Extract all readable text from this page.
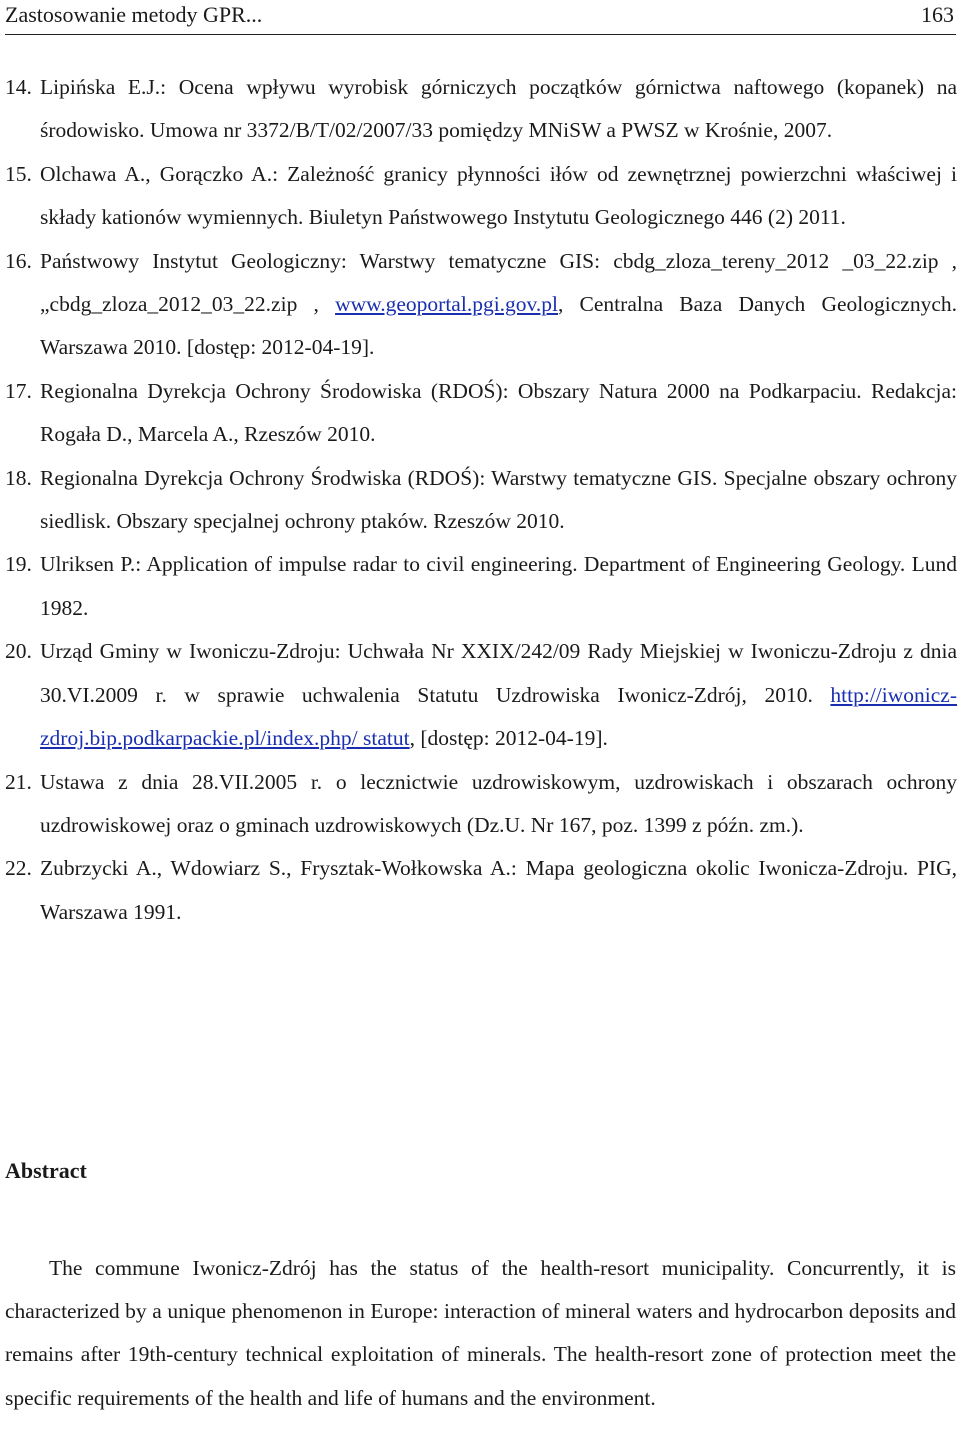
Zastosowanie metody GPR...	163

14. Lipińska E.J.: Ocena wpływu wyrobisk górniczych początków górnictwa naftowego (kopanek) na środowisko. Umowa nr 3372/B/T/02/2007/33 pomiędzy MNiSW a PWSZ w Krośnie, 2007.

15. Olchawa A., Gorączko A.: Zależność granicy płynności iłów od zewnętrznej powierzchni właściwej i składy kationów wymiennych. Biuletyn Państwowego Instytutu Geologicznego 446 (2) 2011.

16. Państwowy Instytut Geologiczny: Warstwy tematyczne GIS: cbdg_zloza_tereny_2012 _03_22.zip , „cbdg_zloza_2012_03_22.zip , www.geoportal.pgi.gov.pl, Centralna Baza Danych Geologicznych. Warszawa 2010. [dostęp: 2012-04-19].

17. Regionalna Dyrekcja Ochrony Środowiska (RDOŚ): Obszary Natura 2000 na Podkarpaciu. Redakcja: Rogała D., Marcela A., Rzeszów 2010.

18. Regionalna Dyrekcja Ochrony Środwiska (RDOŚ): Warstwy tematyczne GIS. Specjalne obszary ochrony siedlisk. Obszary specjalnej ochrony ptaków. Rzeszów 2010.

19. Ulriksen P.: Application of impulse radar to civil engineering. Department of Engineering Geology. Lund 1982.

20. Urząd Gminy w Iwoniczu-Zdroju: Uchwała Nr XXIX/242/09 Rady Miejskiej w Iwoniczu-Zdroju z dnia 30.VI.2009 r. w sprawie uchwalenia Statutu Uzdrowiska Iwonicz-Zdrój, 2010. http://iwonicz-zdroj.bip.podkarpackie.pl/index.php/ statut, [dostęp: 2012-04-19].

21. Ustawa z dnia 28.VII.2005 r. o lecznictwie uzdrowiskowym, uzdrowiskach i obszarach ochrony uzdrowiskowej oraz o gminach uzdrowiskowych (Dz.U. Nr 167, poz. 1399 z późn. zm.).

22. Zubrzycki A., Wdowiarz S., Frysztak-Wołkowska A.: Mapa geologiczna okolic Iwonicza-Zdroju. PIG, Warszawa 1991.

Abstract

The commune Iwonicz-Zdrój has the status of the health-resort municipality. Concurrently, it is characterized by a unique phenomenon in Europe: interaction of mineral waters and hydrocarbon deposits and remains after 19th-century technical exploitation of minerals. The health-resort zone of protection meet the specific requirements of the health and life of humans and the environment.
